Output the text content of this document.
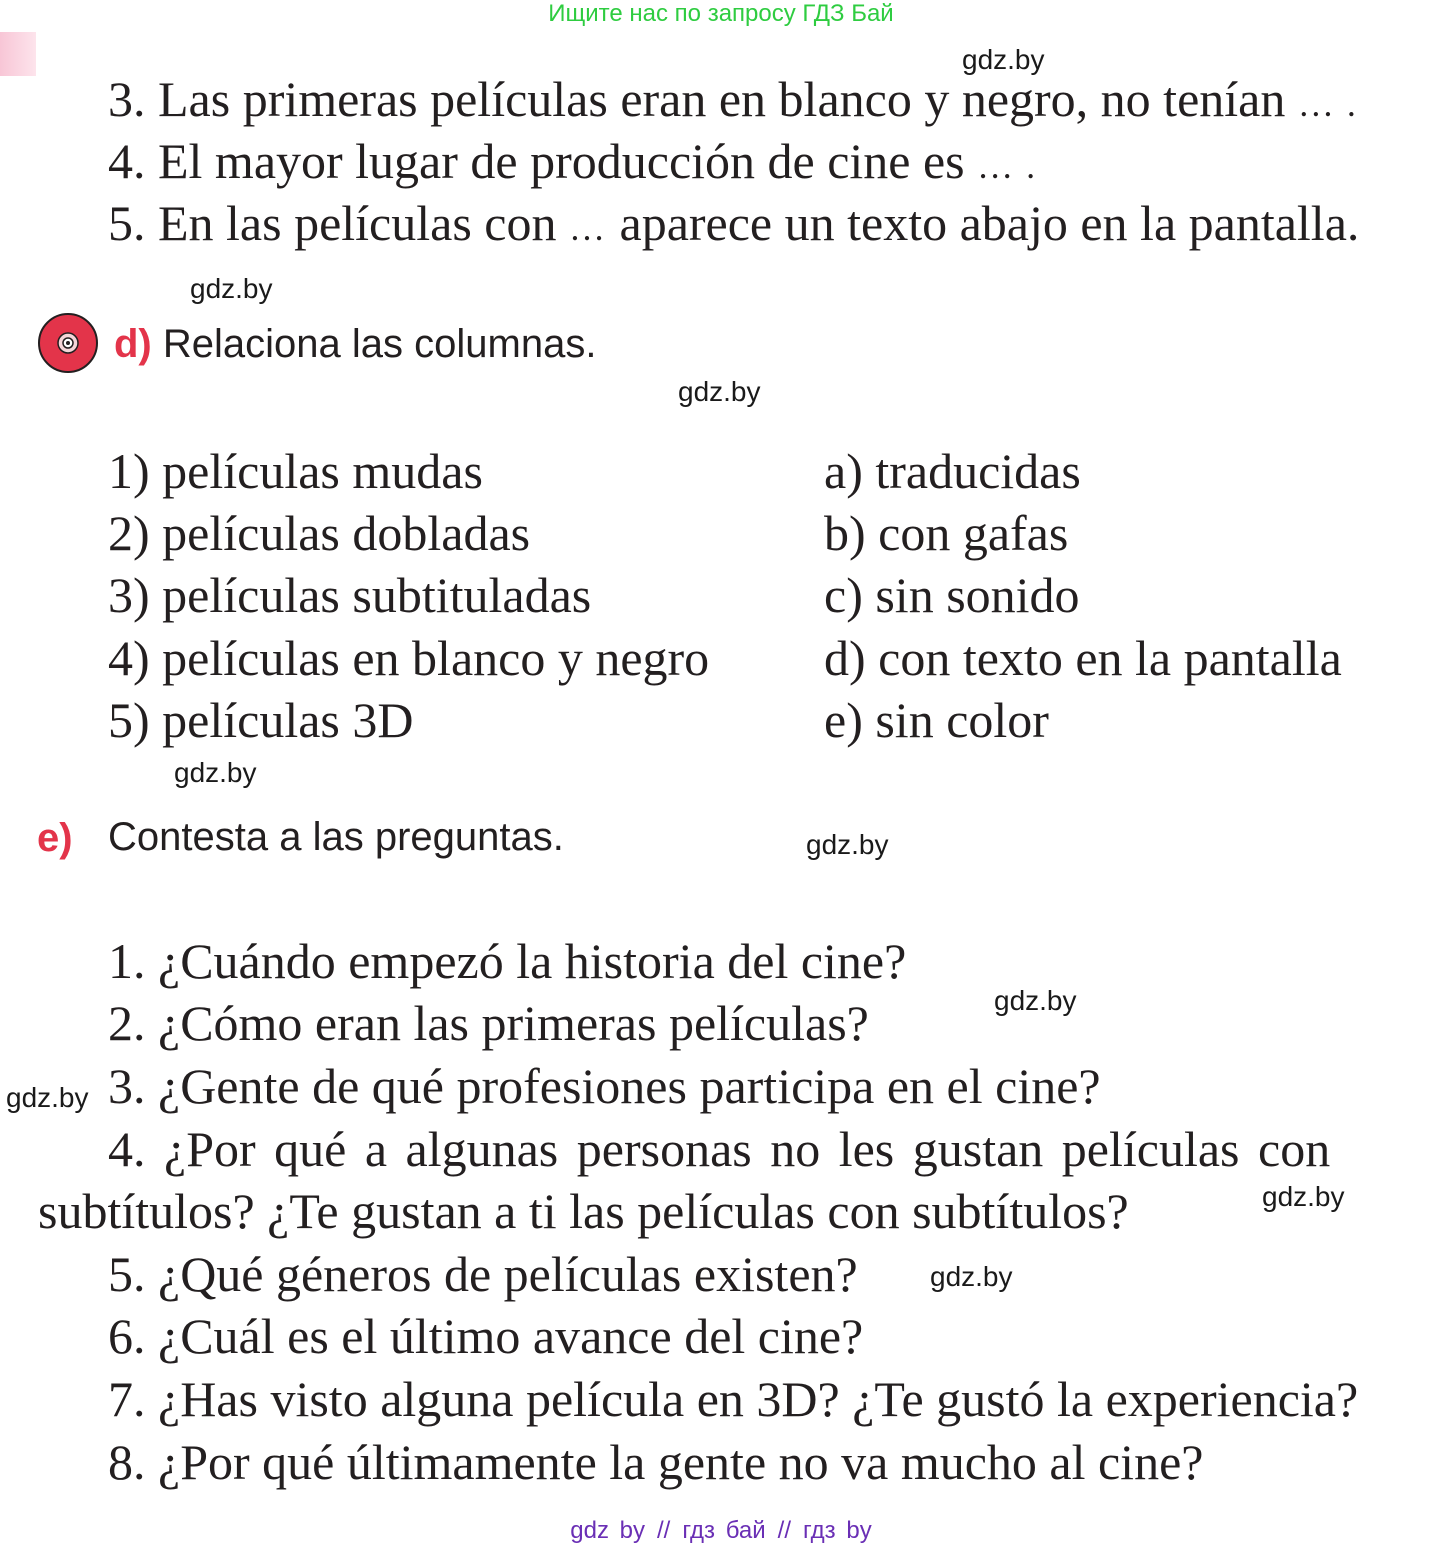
Ищите нас по запросу ГДЗ Бай
gdz.by
gdz.by
gdz.by
gdz.by
gdz.by
gdz.by
gdz.by
gdz.by
gdz.by
3. Las primeras películas eran en blanco y negro, no tenían … .
4. El mayor lugar de producción de cine es … .
5. En las películas con … aparece un texto abajo en la pantalla.
d) Relaciona las columnas.
1) películas mudas
2) películas dobladas
3) películas subtituladas
4) películas en blanco y negro
5) películas 3D
a) traducidas
b) con gafas
c) sin sonido
d) con texto en la pantalla
e) sin color
e) Contesta a las preguntas.
1. ¿Cuándo empezó la historia del cine?
2. ¿Cómo eran las primeras películas?
3. ¿Gente de qué profesiones participa en el cine?
4. ¿Por qué a algunas personas no les gustan películas con
subtítulos? ¿Te gustan a ti las películas con subtítulos?
5. ¿Qué géneros de películas existen?
6. ¿Cuál es el último avance del cine?
7. ¿Has visto alguna película en 3D? ¿Te gustó la experiencia?
8. ¿Por qué últimamente la gente no va mucho al cine?
gdz by // гдз бай // гдз by
